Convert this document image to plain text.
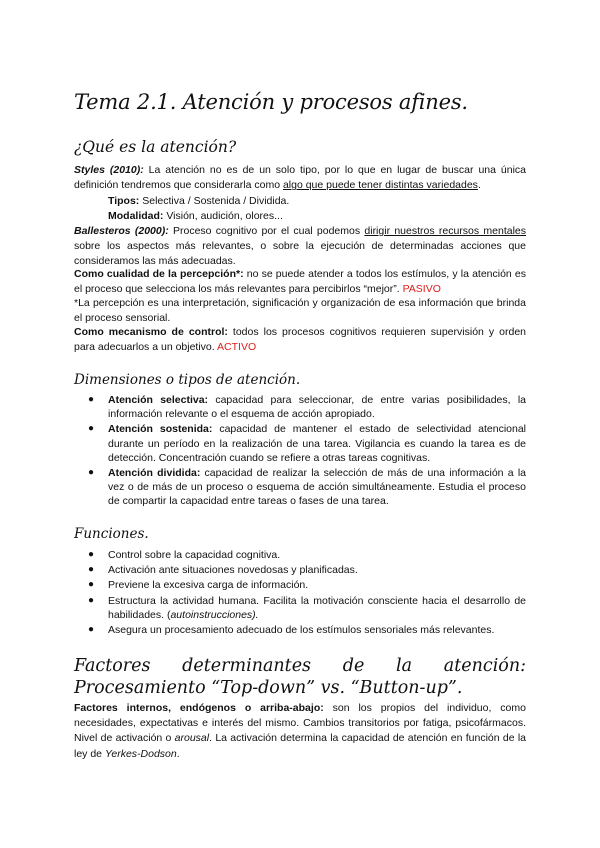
Tema 2.1. Atención y procesos afines.
¿Qué es la atención?

Styles (2010): La atención no es de un solo tipo, por lo que en lugar de buscar una única definición tendremos que considerarla como algo que puede tener distintas variedades.

Tipos: Selectiva / Sostenida / Dividida.

Modalidad: Visión, audición, olores...

Ballesteros (2000): Proceso cognitivo por el cual podemos dirigir nuestros recursos mentales sobre los aspectos más relevantes, o sobre la ejecución de determinadas acciones que consideramos las más adecuadas.

Como cualidad de la percepción*: no se puede atender a todos los estímulos, y la atención es el proceso que selecciona los más relevantes para percibirlos “mejor”. PASIVO

*La percepción es una interpretación, significación y organización de esa información que brinda el proceso sensorial.

Como mecanismo de control: todos los procesos cognitivos requieren supervisión y orden para adecuarlos a un objetivo. ACTIVO

Dimensiones o tipos de atención.
● Atención selectiva: capacidad para seleccionar, de entre varias posibilidades, la información relevante o el esquema de acción apropiado.
● Atención sostenida: capacidad de mantener el estado de selectividad atencional durante un período en la realización de una tarea. Vigilancia es cuando la tarea es de detección. Concentración cuando se refiere a otras tareas cognitivas.
● Atención dividida: capacidad de realizar la selección de más de una información a la vez o de más de un proceso o esquema de acción simultáneamente. Estudia el proceso de compartir la capacidad entre tareas o fases de una tarea.
Funciones.
● Control sobre la capacidad cognitiva.
● Activación ante situaciones novedosas y planificadas.
● Previene la excesiva carga de información.
● Estructura la actividad humana. Facilita la motivación consciente hacia el desarrollo de habilidades. (autoinstrucciones).
● Asegura un procesamiento adecuado de los estímulos sensoriales más relevantes.
Factores determinantes de la atención: Procesamiento “Top-down” vs. “Button-up”.

Factores internos, endógenos o arriba-abajo: son los propios del individuo, como necesidades, expectativas e interés del mismo. Cambios transitorios por fatiga, psicofármacos. Nivel de activación o arousal. La activación determina la capacidad de atención en función de la ley de Yerkes-Dodson.
